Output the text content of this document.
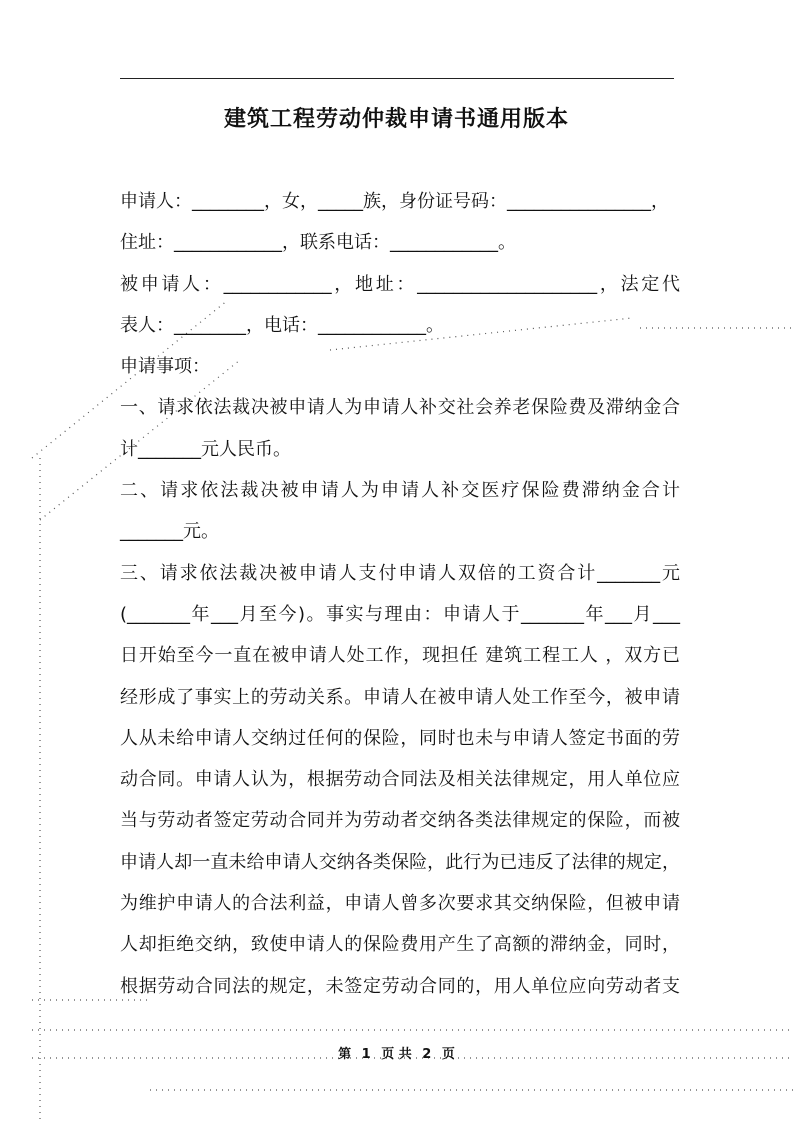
建筑工程劳动仲裁申请书通用版本
申请人：________，女，_____族，身份证号码：________________，
住址：____________，联系电话：____________。
被申请人：____________，地址：____________________，法定代
表人：________，电话：____________。
申请事项：
一、请求依法裁决被申请人为申请人补交社会养老保险费及滞纳金合
计_______元人民币。
二、请求依法裁决被申请人为申请人补交医疗保险费滞纳金合计
_______元。
三、请求依法裁决被申请人支付申请人双倍的工资合计_______元
(_______年___月至今)。事实与理由：申请人于_______年___月___
日开始至今一直在被申请人处工作，现担任 建筑工程工人 ，双方已
经形成了事实上的劳动关系。申请人在被申请人处工作至今，被申请
人从未给申请人交纳过任何的保险，同时也未与申请人签定书面的劳
动合同。申请人认为，根据劳动合同法及相关法律规定，用人单位应
当与劳动者签定劳动合同并为劳动者交纳各类法律规定的保险，而被
申请人却一直未给申请人交纳各类保险，此行为已违反了法律的规定，
为维护申请人的合法利益，申请人曾多次要求其交纳保险，但被申请
人却拒绝交纳，致使申请人的保险费用产生了高额的滞纳金，同时，
根据劳动合同法的规定，未签定劳动合同的，用人单位应向劳动者支
第 1 页 共 2 页
